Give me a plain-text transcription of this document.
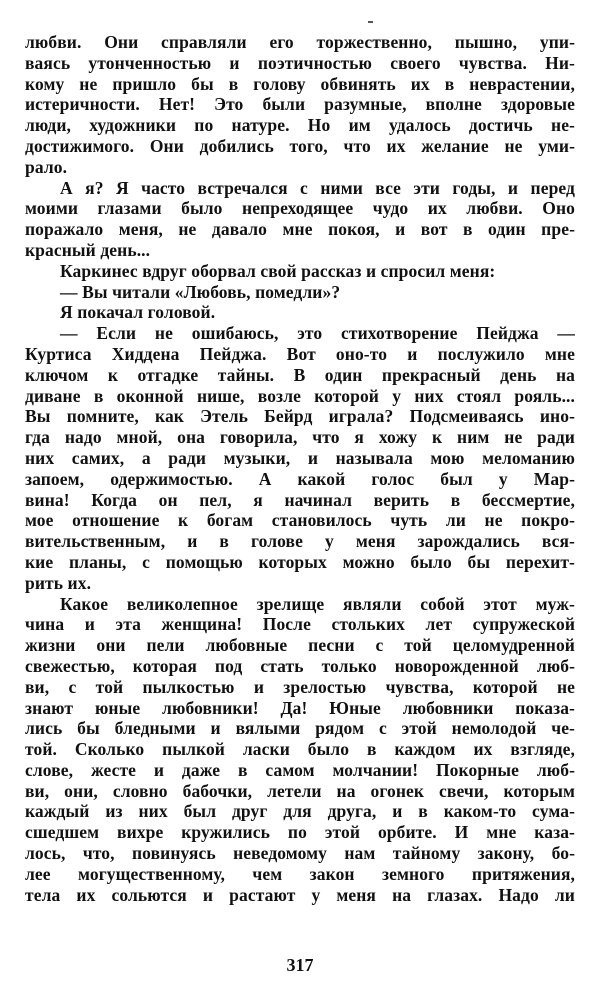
любви. Они справляли его торжественно, пышно, упи-
ваясь утонченностью и поэтичностью своего чувства. Ни-
кому не пришло бы в голову обвинять их в неврастении,
истеричности. Нет! Это были разумные, вполне здоровые
люди, художники по натуре. Но им удалось достичь не-
достижимого. Они добились того, что их желание не уми-
рало.
А я? Я часто встречался с ними все эти годы, и перед
моими глазами было непреходящее чудо их любви. Оно
поражало меня, не давало мне покоя, и вот в один пре-
красный день...
Каркинес вдруг оборвал свой рассказ и спросил меня:
— Вы читали «Любовь, помедли»?
Я покачал головой.
— Если не ошибаюсь, это стихотворение Пейджа —
Куртиса Хиддена Пейджа. Вот оно-то и послужило мне
ключом к отгадке тайны. В один прекрасный день на
диване в оконной нише, возле которой у них стоял рояль...
Вы помните, как Этель Бейрд играла? Подсмеиваясь ино-
гда надо мной, она говорила, что я хожу к ним не ради
них самих, а ради музыки, и называла мою меломанию
запоем, одержимостью. А какой голос был у Мар-
вина! Когда он пел, я начинал верить в бессмертие,
мое отношение к богам становилось чуть ли не покро-
вительственным, и в голове у меня зарождались вся-
кие планы, с помощью которых можно было бы перехит-
рить их.
Какое великолепное зрелище являли собой этот муж-
чина и эта женщина! После стольких лет супружеской
жизни они пели любовные песни с той целомудренной
свежестью, которая под стать только новорожденной люб-
ви, с той пылкостью и зрелостью чувства, которой не
знают юные любовники! Да! Юные любовники показа-
лись бы бледными и вялыми рядом с этой немолодой че-
той. Сколько пылкой ласки было в каждом их взгляде,
слове, жесте и даже в самом молчании! Покорные люб-
ви, они, словно бабочки, летели на огонек свечи, которым
каждый из них был друг для друга, и в каком-то сума-
сшедшем вихре кружились по этой орбите. И мне каза-
лось, что, повинуясь неведомому нам тайному закону, бо-
лее могущественному, чем закон земного притяжения,
тела их сольются и растают у меня на глазах. Надо ли
317
